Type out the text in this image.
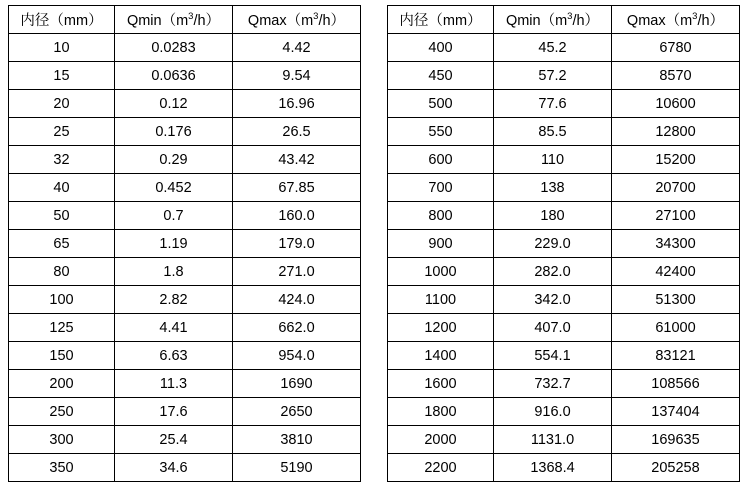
内径（mm）	$Qmin(m^3/h)$	$Qmax(m^3/h)$
10	0.0283	4.42
15	0.0636	9.54
20	0.12	16.96
25	0.176	26.5
32	0.29	43.42
40	0.452	67.85
50	0.7	160.0
65	1.19	179.0
80	1.8	271.0
100	2.82	424.0
125	4.41	662.0
150	6.63	954.0
200	11.3	1690
250	17.6	2650
300	25.4	3810
350	34.6	5190
内径（mm）	$Qmin(m^3/h)$	$Qmax(m^3/h)$
400	45.2	6780
450	57.2	8570
500	77.6	10600
550	85.5	12800
600	110	15200
700	138	20700
800	180	27100
900	229.0	34300
1000	282.0	42400
1100	342.0	51300
1200	407.0	61000
1400	554.1	83121
1600	732.7	108566
1800	916.0	137404
2000	1131.0	169635
2200	1368.4	205258
